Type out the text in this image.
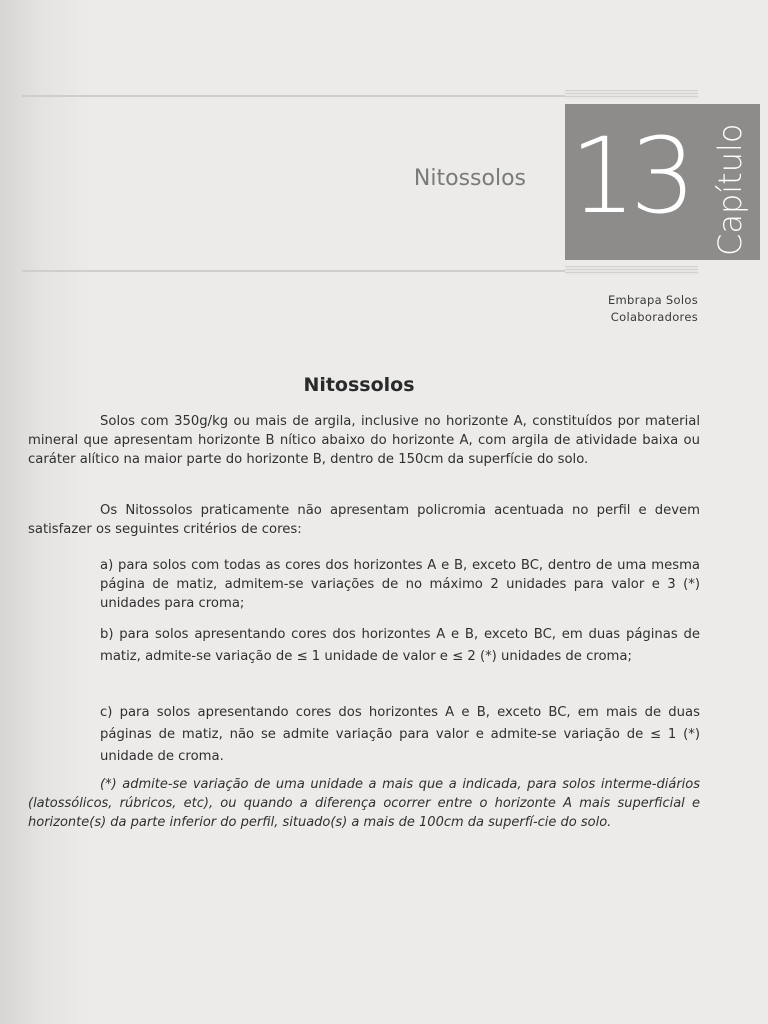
Nitossolos 13 Capítulo
Embrapa Solos
Colaboradores
Nitossolos

Solos com 350g/kg ou mais de argila, inclusive no horizonte A, constituídos por material mineral que apresentam horizonte B nítico abaixo do horizonte A, com argila de atividade baixa ou caráter alítico na maior parte do horizonte B, dentro de 150cm da superfície do solo.

Os Nitossolos praticamente não apresentam policromia acentuada no perfil e devem satisfazer os seguintes critérios de cores:

a) para solos com todas as cores dos horizontes A e B, exceto BC, dentro de uma mesma página de matiz, admitem-se variações de no máximo 2 unidades para valor e 3 (*) unidades para croma;

b) para solos apresentando cores dos horizontes A e B, exceto BC, em duas páginas de matiz, admite-se variação de ≤ 1 unidade de valor e ≤ 2 (*) unidades de croma;

c) para solos apresentando cores dos horizontes A e B, exceto BC, em mais de duas páginas de matiz, não se admite variação para valor e admite-se variação de ≤ 1 (*) unidade de croma.

(*) admite-se variação de uma unidade a mais que a indicada, para solos interme-diários (latossólicos, rúbricos, etc), ou quando a diferença ocorrer entre o horizonte A mais superficial e horizonte(s) da parte inferior do perfil, situado(s) a mais de 100cm da superfí-cie do solo.
